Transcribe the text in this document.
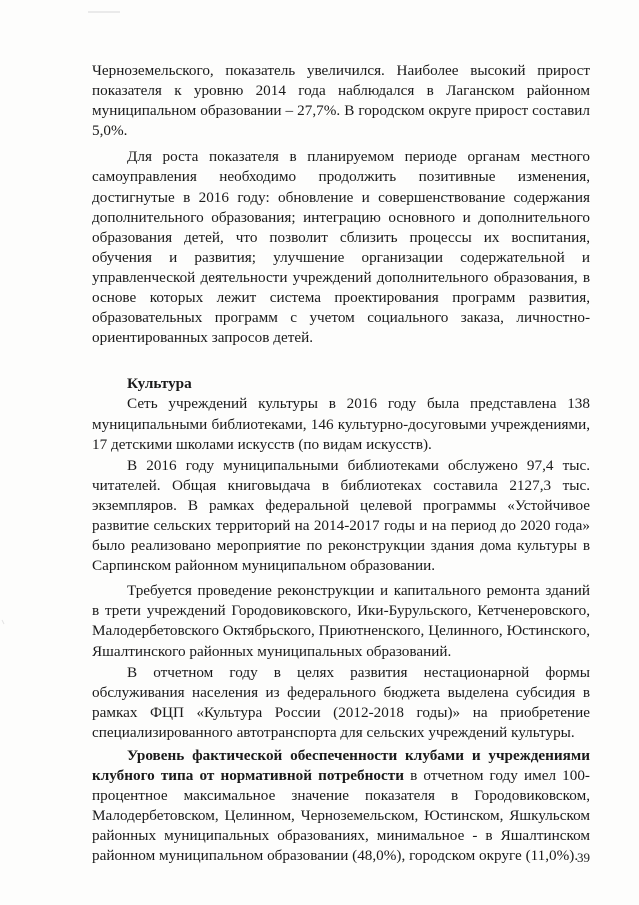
Черноземельского, показатель увеличился. Наиболее высокий прирост показателя к уровню 2014 года наблюдался в Лаганском районном муниципальном образовании – 27,7%. В городском округе прирост составил 5,0%.

Для роста показателя в планируемом периоде органам местного самоуправления необходимо продолжить позитивные изменения, достигнутые в 2016 году: обновление и совершенствование содержания дополнительного образования; интеграцию основного и дополнительного образования детей, что позволит сблизить процессы их воспитания, обучения и развития; улучшение организации содержательной и управленческой деятельности учреждений дополнительного образования, в основе которых лежит система проектирования программ развития, образовательных программ с учетом социального заказа, личностно-ориентированных запросов детей.

Культура

Сеть учреждений культуры в 2016 году была представлена 138 муниципальными библиотеками, 146 культурно-досуговыми учреждениями, 17 детскими школами искусств (по видам искусств).

В 2016 году муниципальными библиотеками обслужено 97,4 тыс. читателей. Общая книговыдача в библиотеках составила 2127,3 тыс. экземпляров. В рамках федеральной целевой программы «Устойчивое развитие сельских территорий на 2014-2017 годы и на период до 2020 года» было реализовано мероприятие по реконструкции здания дома культуры в Сарпинском районном муниципальном образовании.

Требуется проведение реконструкции и капитального ремонта зданий в трети учреждений Городовиковского, Ики-Бурульского, Кетченеровского, Малодербетовского Октябрьского, Приютненского, Целинного, Юстинского, Яшалтинского районных муниципальных образований.

В отчетном году в целях развития нестационарной формы обслуживания населения из федерального бюджета выделена субсидия в рамках ФЦП «Культура России (2012-2018 годы)» на приобретение специализированного автотранспорта для сельских учреждений культуры.

Уровень фактической обеспеченности клубами и учреждениями клубного типа от нормативной потребности в отчетном году имел 100-процентное максимальное значение показателя в Городовиковском, Малодербетовском, Целинном, Черноземельском, Юстинском, Яшкульском районных муниципальных образованиях, минимальное - в Яшалтинском районном муниципальном образовании (48,0%), городском округе (11,0%).

39
